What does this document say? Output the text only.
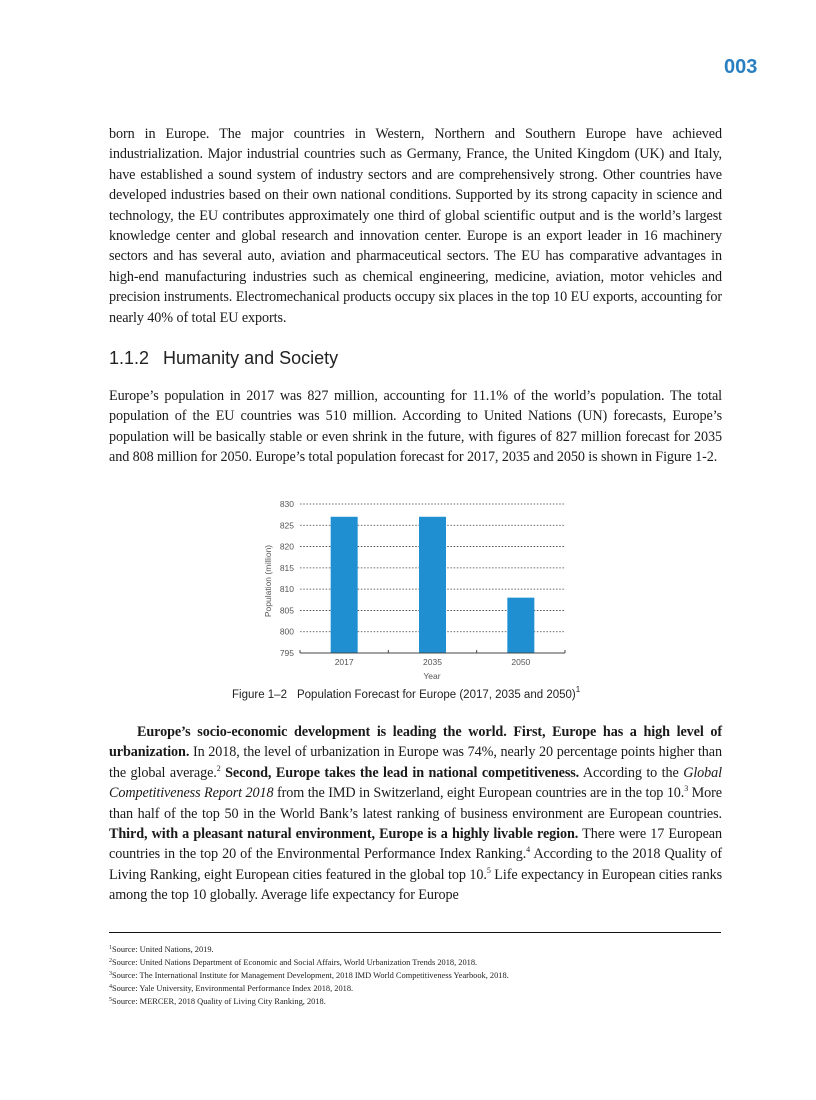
003

born in Europe. The major countries in Western, Northern and Southern Europe have achieved industrialization. Major industrial countries such as Germany, France, the United Kingdom (UK) and Italy, have established a sound system of industry sectors and are comprehensively strong. Other countries have developed industries based on their own national conditions. Supported by its strong capacity in science and technology, the EU contributes approximately one third of global scientific output and is the world’s largest knowledge center and global research and innovation center. Europe is an export leader in 16 machinery sectors and has several auto, aviation and pharmaceutical sectors. The EU has comparative advantages in high-end manufacturing industries such as chemical engineering, medicine, aviation, motor vehicles and precision instruments. Electromechanical products occupy six places in the top 10 EU exports, accounting for nearly 40% of total EU exports.

1.1.2 Humanity and Society

Europe’s population in 2017 was 827 million, accounting for 11.1% of the world’s population. The total population of the EU countries was 510 million. According to United Nations (UN) forecasts, Europe’s population will be basically stable or even shrink in the future, with figures of 827 million forecast for 2035 and 808 million for 2050. Europe’s total population forecast for 2017, 2035 and 2050 is shown in Figure 1-2.

795
800
805
810
815
820
825
830
2017	2035	2050
Year
Population (million)
Figure 1–2 Population Forecast for Europe (2017, 2035 and 2050)$^1$

Europe’s socio-economic development is leading the world. First, Europe has a high level of urbanization. In 2018, the level of urbanization in Europe was 74%, nearly 20 percentage points higher than the global average.$^2$ Second, Europe takes the lead in national competitiveness. According to the Global Competitiveness Report 2018 from the IMD in Switzerland, eight European countries are in the top 10.$^3$ More than half of the top 50 in the World Bank’s latest ranking of business environment are European countries. Third, with a pleasant natural environment, Europe is a highly livable region. There were 17 European countries in the top 20 of the Environmental Performance Index Ranking.$^4$ According to the 2018 Quality of Living Ranking, eight European cities featured in the global top 10.$^5$ Life expectancy in European cities ranks among the top 10 globally. Average life expectancy for Europe

$^1$Source: United Nations, 2019.
$^2$Source: United Nations Department of Economic and Social Affairs, World Urbanization Trends 2018, 2018.
$^3$Source: The International Institute for Management Development, 2018 IMD World Competitiveness Yearbook, 2018.
$^4$Source: Yale University, Environmental Performance Index 2018, 2018.
$^5$Source: MERCER, 2018 Quality of Living City Ranking, 2018.
